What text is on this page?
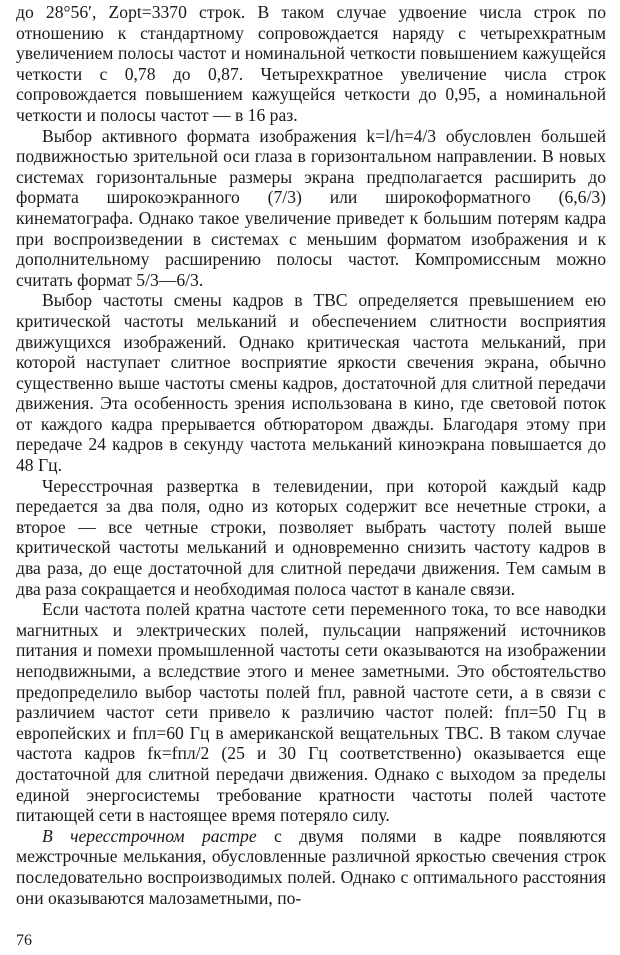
до 28°56′, Zopt=3370 строк. В таком случае удвоение числа строк по отношению к стандартному сопровождается наряду с четырехкратным увеличением полосы частот и номинальной четкости повышением кажущейся четкости с 0,78 до 0,87. Четырехкратное увеличение числа строк сопровождается повышением кажущейся четкости до 0,95, а номинальной четкости и полосы частот — в 16 раз.

Выбор активного формата изображения k=l/h=4/3 обусловлен большей подвижностью зрительной оси глаза в горизонтальном направлении. В новых системах горизонтальные размеры экрана предполагается расширить до формата широкоэкранного (7/3) или широкоформатного (6,6/3) кинематографа. Однако такое увеличение приведет к большим потерям кадра при воспроизведении в системах с меньшим форматом изображения и к дополнительному расширению полосы частот. Компромиссным можно считать формат 5/3—6/3.

Выбор частоты смены кадров в ТВС определяется превышением ею критической частоты мельканий и обеспечением слитности восприятия движущихся изображений. Однако критическая частота мельканий, при которой наступает слитное восприятие яркости свечения экрана, обычно существенно выше частоты смены кадров, достаточной для слитной передачи движения. Эта особенность зрения использована в кино, где световой поток от каждого кадра прерывается обтюратором дважды. Благодаря этому при передаче 24 кадров в секунду частота мельканий киноэкрана повышается до 48 Гц.

Чересстрочная развертка в телевидении, при которой каждый кадр передается за два поля, одно из которых содержит все нечетные строки, а второе — все четные строки, позволяет выбрать частоту полей выше критической частоты мельканий и одновременно снизить частоту кадров в два раза, до еще достаточной для слитной передачи движения. Тем самым в два раза сокращается и необходимая полоса частот в канале связи.

Если частота полей кратна частоте сети переменного тока, то все наводки магнитных и электрических полей, пульсации напряжений источников питания и помехи промышленной частоты сети оказываются на изображении неподвижными, а вследствие этого и менее заметными. Это обстоятельство предопределило выбор частоты полей fпл, равной частоте сети, а в связи с различием частот сети привело к различию частот полей: fпл=50 Гц в европейских и fпл=60 Гц в американской вещательных ТВС. В таком случае частота кадров fк=fпл/2 (25 и 30 Гц соответственно) оказывается еще достаточной для слитной передачи движения. Однако с выходом за пределы единой энергосистемы требование кратности частоты полей частоте питающей сети в настоящее время потеряло силу.

В чересстрочном растре с двумя полями в кадре появляются межстрочные мелькания, обусловленные различной яркостью свечения строк последовательно воспроизводимых полей. Однако с оптимального расстояния они оказываются малозаметными, по-

76
